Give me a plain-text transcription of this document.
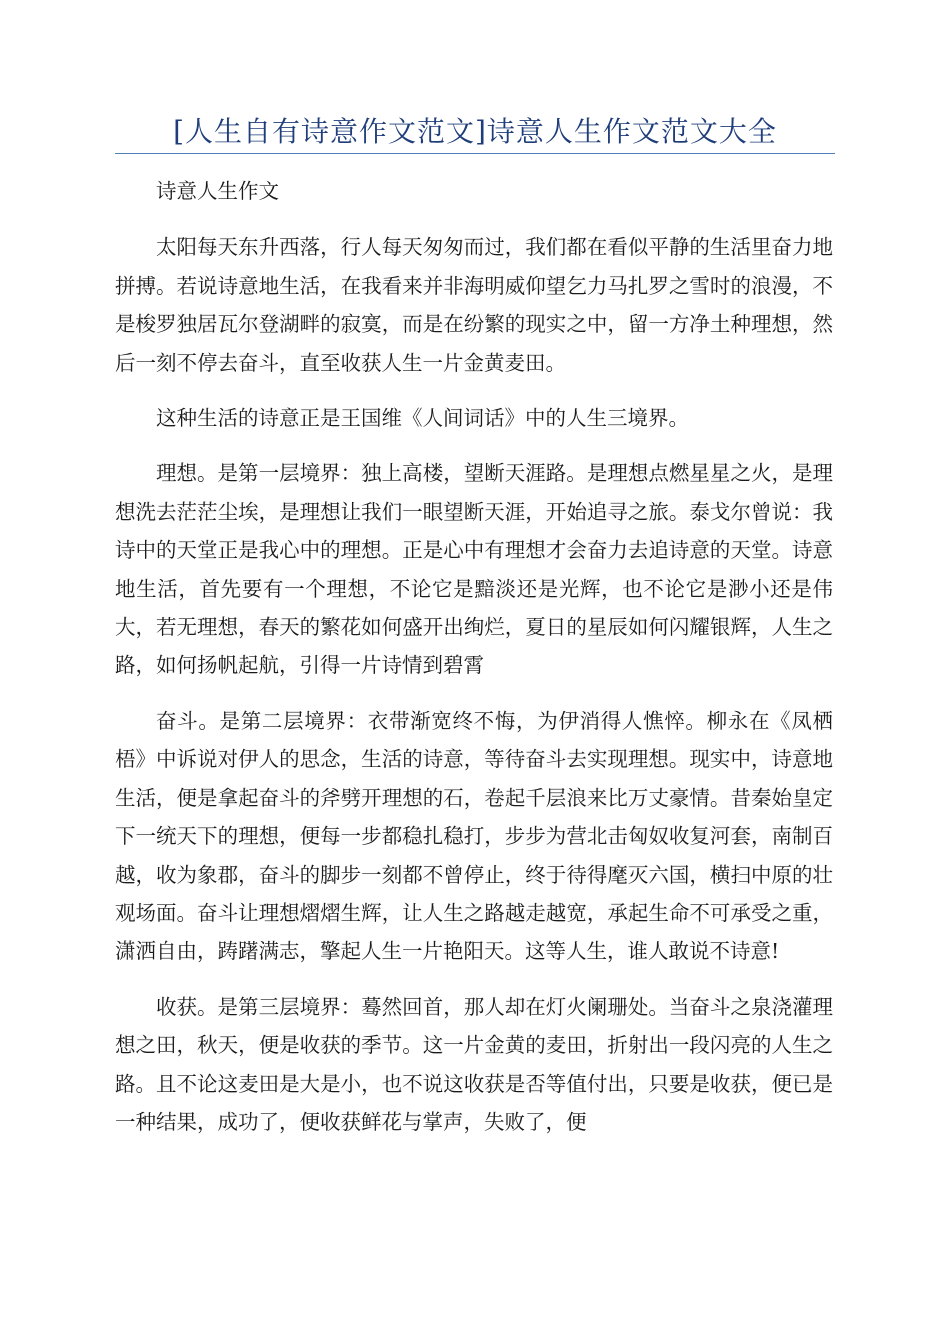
[人生自有诗意作文范文]诗意人生作文范文大全

诗意人生作文

太阳每天东升西落，行人每天匆匆而过，我们都在看似平静的生活里奋力地拼搏。若说诗意地生活，在我看来并非海明威仰望乞力马扎罗之雪时的浪漫，不是梭罗独居瓦尔登湖畔的寂寞，而是在纷繁的现实之中，留一方净土种理想，然后一刻不停去奋斗，直至收获人生一片金黄麦田。

这种生活的诗意正是王国维《人间词话》中的人生三境界。

理想。是第一层境界：独上高楼，望断天涯路。是理想点燃星星之火，是理想洗去茫茫尘埃，是理想让我们一眼望断天涯，开始追寻之旅。泰戈尔曾说：我诗中的天堂正是我心中的理想。正是心中有理想才会奋力去追诗意的天堂。诗意地生活，首先要有一个理想，不论它是黯淡还是光辉，也不论它是渺小还是伟大，若无理想，春天的繁花如何盛开出绚烂，夏日的星辰如何闪耀银辉，人生之路，如何扬帆起航，引得一片诗情到碧霄

奋斗。是第二层境界：衣带渐宽终不悔，为伊消得人憔悴。柳永在《凤栖梧》中诉说对伊人的思念，生活的诗意，等待奋斗去实现理想。现实中，诗意地生活，便是拿起奋斗的斧劈开理想的石，卷起千层浪来比万丈豪情。昔秦始皇定下一统天下的理想，便每一步都稳扎稳打，步步为营北击匈奴收复河套，南制百越，收为象郡，奋斗的脚步一刻都不曾停止，终于待得麾灭六国，横扫中原的壮观场面。奋斗让理想熠熠生辉，让人生之路越走越宽，承起生命不可承受之重，潇洒自由，踌躇满志，擎起人生一片艳阳天。这等人生，谁人敢说不诗意!

收获。是第三层境界：蓦然回首，那人却在灯火阑珊处。当奋斗之泉浇灌理想之田，秋天，便是收获的季节。这一片金黄的麦田，折射出一段闪亮的人生之路。且不论这麦田是大是小，也不说这收获是否等值付出，只要是收获，便已是一种结果，成功了，便收获鲜花与掌声，失败了，便
